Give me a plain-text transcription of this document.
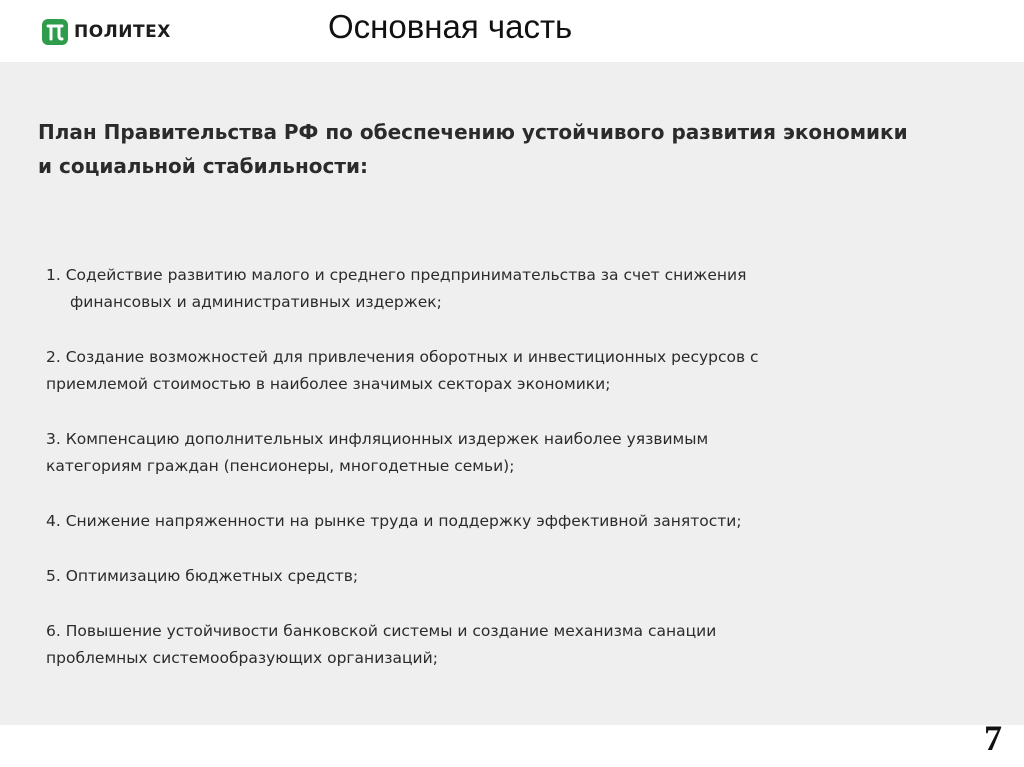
ПОЛИТЕХ	Основная часть
План Правительства РФ по обеспечению устойчивого развития экономики
и социальной стабильности:
1. Содействие развитию малого и среднего предпринимательства за счет снижения
финансовых и административных издержек;
2. Создание возможностей для привлечения оборотных и инвестиционных ресурсов с
приемлемой стоимостью в наиболее значимых секторах экономики;
3. Компенсацию дополнительных инфляционных издержек наиболее уязвимым
категориям граждан (пенсионеры, многодетные семьи);
4. Снижение напряженности на рынке труда и поддержку эффективной занятости;
5. Оптимизацию бюджетных средств;
6. Повышение устойчивости банковской системы и создание механизма санации
проблемных системообразующих организаций;
7
